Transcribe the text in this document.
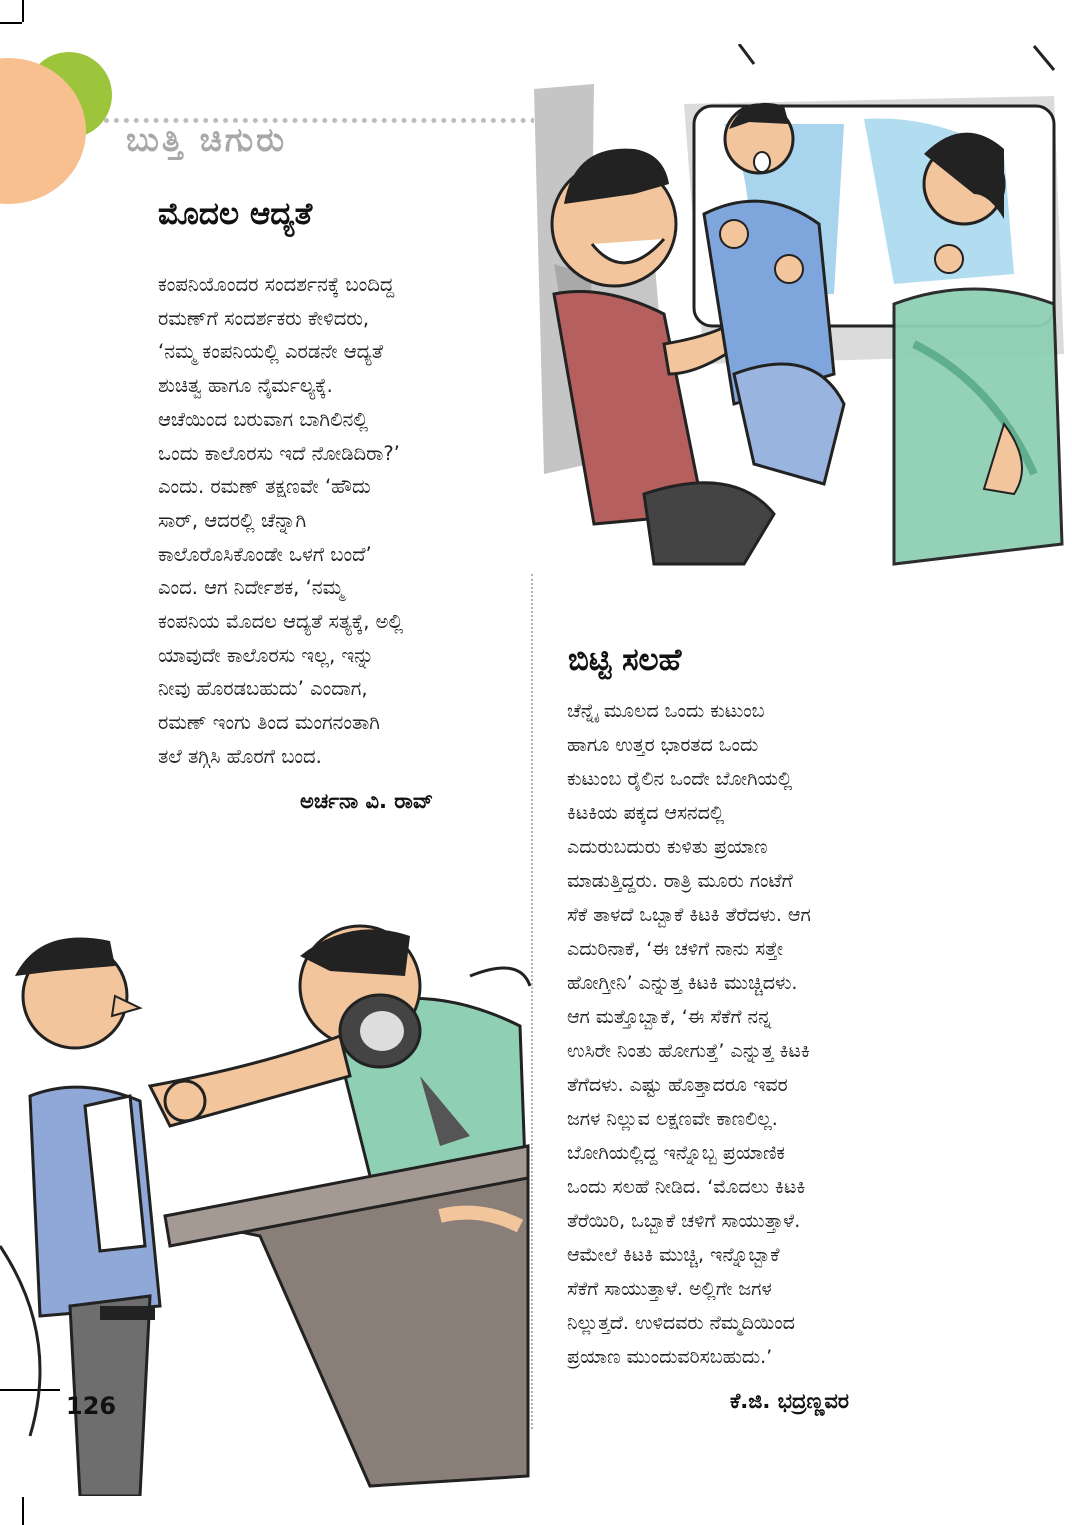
ಬುತ್ತಿ ಚಿಗುರು
ಮೊದಲ ಆದ್ಯತೆ

ಕಂಪನಿಯೊಂದರ ಸಂದರ್ಶನಕ್ಕೆ ಬಂದಿದ್ದ
ರಮಣ್‌ಗೆ ಸಂದರ್ಶಕರು ಕೇಳಿದರು,
‘ನಮ್ಮ ಕಂಪನಿಯಲ್ಲಿ ಎರಡನೇ ಆದ್ಯತೆ
ಶುಚಿತ್ವ ಹಾಗೂ ನೈರ್ಮಲ್ಯಕ್ಕೆ.
ಆಚೆಯಿಂದ ಬರುವಾಗ ಬಾಗಿಲಿನಲ್ಲಿ
ಒಂದು ಕಾಲೊರಸು ಇದೆ ನೋಡಿದಿರಾ?’
ಎಂದು. ರಮಣ್ ತಕ್ಷಣವೇ ‘ಹೌದು
ಸಾರ್, ಆದರಲ್ಲಿ ಚೆನ್ನಾಗಿ
ಕಾಲೊರೊಸಿಕೊಂಡೇ ಒಳಗೆ ಬಂದೆ’
ಎಂದ. ಆಗ ನಿರ್ದೇಶಕ, ‘ನಮ್ಮ
ಕಂಪನಿಯ ಮೊದಲ ಆದ್ಯತೆ ಸತ್ಯಕ್ಕೆ, ಅಲ್ಲಿ
ಯಾವುದೇ ಕಾಲೊರಸು ಇಲ್ಲ, ಇನ್ನು
ನೀವು ಹೊರಡಬಹುದು’ ಎಂದಾಗ,
ರಮಣ್ ಇಂಗು ತಿಂದ ಮಂಗನಂತಾಗಿ
ತಲೆ ತಗ್ಗಿಸಿ ಹೊರಗೆ ಬಂದ.

ಅರ್ಚನಾ ವಿ. ರಾವ್

ಬಿಟ್ಟಿ ಸಲಹೆ

ಚೆನ್ನೈ ಮೂಲದ ಒಂದು ಕುಟುಂಬ
ಹಾಗೂ ಉತ್ತರ ಭಾರತದ ಒಂದು
ಕುಟುಂಬ ರೈಲಿನ ಒಂದೇ ಬೋಗಿಯಲ್ಲಿ
ಕಿಟಕಿಯ ಪಕ್ಕದ ಆಸನದಲ್ಲಿ
ಎದುರುಬದುರು ಕುಳಿತು ಪ್ರಯಾಣ
ಮಾಡುತ್ತಿದ್ದರು. ರಾತ್ರಿ ಮೂರು ಗಂಟೆಗೆ
ಸೆಕೆ ತಾಳದೆ ಒಬ್ಬಾಕೆ ಕಿಟಕಿ ತೆರೆದಳು. ಆಗ
ಎದುರಿನಾಕೆ, ‘ಈ ಚಳಿಗೆ ನಾನು ಸತ್ತೇ
ಹೋಗ್ತೀನಿ’ ಎನ್ನುತ್ತ ಕಿಟಕಿ ಮುಚ್ಚಿದಳು.
ಆಗ ಮತ್ತೊಬ್ಬಾಕೆ, ‘ಈ ಸೆಕೆಗೆ ನನ್ನ
ಉಸಿರೇ ನಿಂತು ಹೋಗುತ್ತೆ’ ಎನ್ನುತ್ತ ಕಿಟಕಿ
ತೆಗೆದಳು. ಎಷ್ಟು ಹೊತ್ತಾದರೂ ಇವರ
ಜಗಳ ನಿಲ್ಲುವ ಲಕ್ಷಣವೇ ಕಾಣಲಿಲ್ಲ.
ಬೋಗಿಯಲ್ಲಿದ್ದ ಇನ್ನೊಬ್ಬ ಪ್ರಯಾಣಿಕ
ಒಂದು ಸಲಹೆ ನೀಡಿದ. ‘ಮೊದಲು ಕಿಟಕಿ
ತೆರೆಯಿರಿ, ಒಬ್ಬಾಕೆ ಚಳಿಗೆ ಸಾಯುತ್ತಾಳೆ.
ಆಮೇಲೆ ಕಿಟಕಿ ಮುಚ್ಚಿ, ಇನ್ನೊಬ್ಬಾಕೆ
ಸೆಕೆಗೆ ಸಾಯುತ್ತಾಳೆ. ಅಲ್ಲಿಗೇ ಜಗಳ
ನಿಲ್ಲುತ್ತದೆ. ಉಳಿದವರು ನೆಮ್ಮದಿಯಿಂದ
ಪ್ರಯಾಣ ಮುಂದುವರಿಸಬಹುದು.’

ಕೆ.ಜಿ. ಭದ್ರಣ್ಣವರ

126
